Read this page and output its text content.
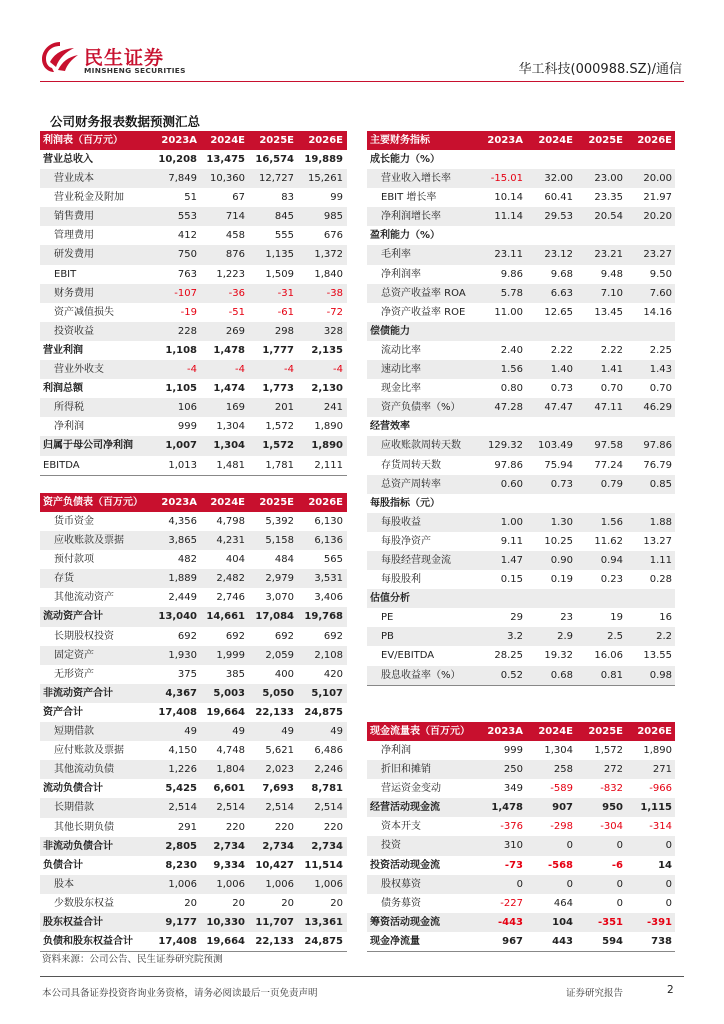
民生证券
MINSHENG SECURITIES	华工科技(000988.SZ)/通信
公司财务报表数据预测汇总
利润表（百万元）	2023A	2024E	2025E	2026E
营业总收入	10,208 13,475	16,574	19,889
营业成本	7,849	10,360	12,727	15,261
营业税金及附加	51	67	83	99
销售费用	553	714	845	985
管理费用	412	458	555	676
研发费用	750	876	1,135	1,372
EBIT	763	1,223	1,509	1,840
财务费用	-107	-36	-31	-38
资产减值损失	-19	-51	-61	-72
投资收益	228	269	298	328
营业利润	1,108	1,478	1,777	2,135
营业外收支	-4	-4	-4	-4
利润总额	1,105	1,474	1,773	2,130
所得税	106	169	201	241
净利润	999	1,304	1,572	1,890
归属于母公司净利润	1,007	1,304	1,572	1,890
EBITDA	1,013	1,481	1,781	2,111
资产负债表（百万元）	2023A	2024E	2025E	2026E
货币资金	4,356	4,798	5,392	6,130
应收账款及票据	3,865	4,231	5,158	6,136
预付款项	482	404	484	565
存货	1,889	2,482	2,979	3,531
其他流动资产	2,449	2,746	3,070	3,406
流动资产合计	13,040 14,661	17,084	19,768
长期股权投资	692	692	692	692
固定资产	1,930	1,999	2,059	2,108
无形资产	375	385	400	420
非流动资产合计	4,367	5,003	5,050	5,107
资产合计	17,408 19,664	22,133	24,875
短期借款	49	49	49	49
应付账款及票据	4,150	4,748	5,621	6,486
其他流动负债	1,226	1,804	2,023	2,246
流动负债合计	5,425	6,601	7,693	8,781
长期借款	2,514	2,514	2,514	2,514
其他长期负债	291	220	220	220
非流动负债合计	2,805	2,734	2,734	2,734
负债合计	8,230	9,334	10,427	11,514
股本	1,006	1,006	1,006	1,006
少数股东权益	20	20	20	20
股东权益合计	9,177 10,330	11,707	13,361
负债和股东权益合计	17,408 19,664	22,133	24,875
主要财务指标	2023A	2024E	2025E	2026E
成长能力（%）
营业收入增长率	-15.01	32.00	23.00	20.00
EBIT 增长率	10.14	60.41	23.35	21.97
净利润增长率	11.14	29.53	20.54	20.20
盈利能力（%）
毛利率	23.11	23.12	23.21	23.27
净利润率	9.86	9.68	9.48	9.50
总资产收益率 ROA	5.78	6.63	7.10	7.60
净资产收益率 ROE	11.00	12.65	13.45	14.16
偿债能力
流动比率	2.40	2.22	2.22	2.25
速动比率	1.56	1.40	1.41	1.43
现金比率	0.80	0.73	0.70	0.70
资产负债率（%）	47.28	47.47	47.11	46.29
经营效率
应收账款周转天数	129.32	103.49	97.58	97.86
存货周转天数	97.86	75.94	77.24	76.79
总资产周转率	0.60	0.73	0.79	0.85
每股指标（元）
每股收益	1.00	1.30	1.56	1.88
每股净资产	9.11	10.25	11.62	13.27
每股经营现金流	1.47	0.90	0.94	1.11
每股股利	0.15	0.19	0.23	0.28
估值分析
PE	29	23	19	16
PB	3.2	2.9	2.5	2.2
EV/EBITDA	28.25	19.32	16.06	13.55
股息收益率（%）	0.52	0.68	0.81	0.98
现金流量表（百万元）	2023A	2024E	2025E	2026E
净利润	999	1,304	1,572	1,890
折旧和摊销	250	258	272	271
营运资金变动	349	-589	-832	-966
经营活动现金流	1,478	907	950	1,115
资本开支	-376	-298	-304	-314
投资	310	0	0	0
投资活动现金流	-73	-568	-6	14
股权募资	0	0	0	0
债务募资	-227	464	0	0
筹资活动现金流	-443	104	-351	-391
现金净流量	967	443	594	738
资料来源：公司公告、民生证券研究院预测
本公司具备证券投资咨询业务资格，请务必阅读最后一页免责声明	证券研究报告	2
